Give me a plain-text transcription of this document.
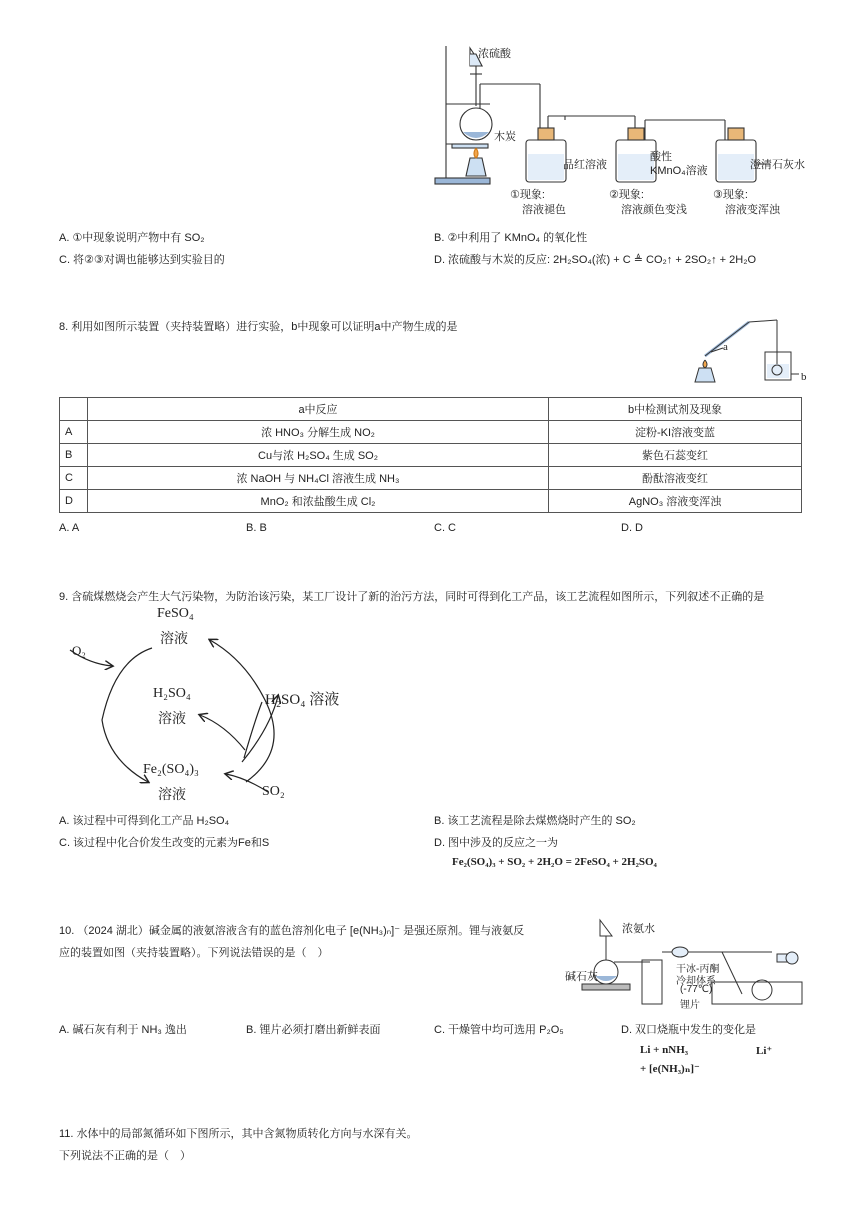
浓硫酸
木炭
品红溶液
酸性
KMnO₄溶液	澄清石灰水
①现象:
溶液褪色
②现象:
溶液颜色变浅
③现象:
溶液变浑浊
A. ①中现象说明产物中有 SO₂	B. ②中利用了 KMnO₄ 的氧化性
C. 将②③对调也能够达到实验目的	D. 浓硫酸与木炭的反应: 2H₂SO₄(浓) + C ≜ CO₂↑ + 2SO₂↑ + 2H₂O
8. 利用如图所示装置（夹持装置略）进行实验，b中现象可以证明a中产物生成的是
a
b
	a中反应	b中检测试剂及现象
A	浓 HNO₃ 分解生成 NO₂	淀粉-KI溶液变蓝
B	Cu与浓 H₂SO₄ 生成 SO₂	紫色石蕊变红
C	浓 NaOH 与 NH₄Cl 溶液生成 NH₃	酚酞溶液变红
D	MnO₂ 和浓盐酸生成 Cl₂	AgNO₃ 溶液变浑浊
A. A	B. B	C. C	D. D
9. 含硫煤燃烧会产生大气污染物，为防治该污染，某工厂设计了新的治污方法，同时可得到化工产品，该工艺流程如图所示，下列叙述不正确的是
FeSO₄
溶液
O₂
H₂SO₄
溶液
H₂SO₄ 溶液
Fe₂(SO₄)₃
溶液	SO₂
A. 该过程中可得到化工产品 H₂SO₄	B. 该工艺流程是除去煤燃烧时产生的 SO₂
C. 该过程中化合价发生改变的元素为Fe和S	D. 图中涉及的反应之一为
Fe₂(SO₄)₃ + SO₂ + 2H₂O = 2FeSO₄ + 2H₂SO₄
10. （2024 湖北）碱金属的液氨溶液含有的蓝色溶剂化电子 [e(NH₃)ₙ]⁻ 是强还原剂。锂与液氨反
应的装置如图（夹持装置略）。下列说法错误的是（　）
浓氨水
碱石灰
干冰-丙酮
冷却体系
(-77℃)
锂片
A. 碱石灰有利于 NH₃ 逸出	B. 锂片必须打磨出新鲜表面	C. 干燥管中均可选用 P₂O₅	D. 双口烧瓶中发生的变化是
Li + nNH₃	Li⁺
+ [e(NH₃)ₙ]⁻
11. 水体中的局部氮循环如下图所示，其中含氮物质转化方向与水深有关。
下列说法不正确的是（　）
